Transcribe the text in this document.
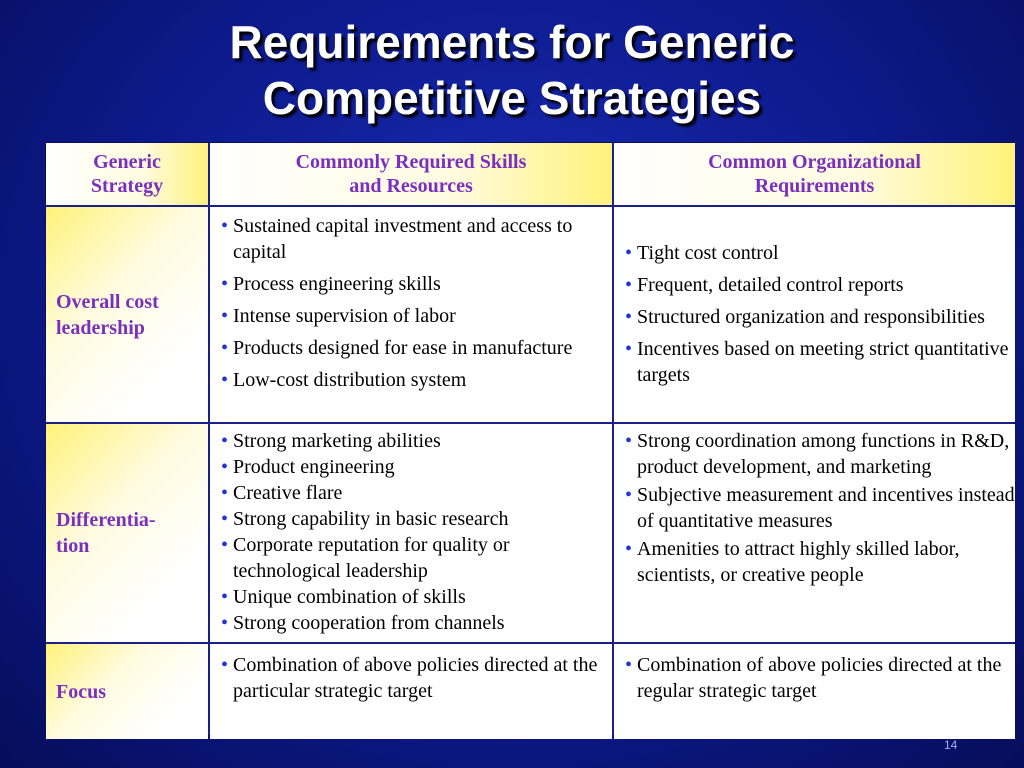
Requirements for Generic
Competitive Strategies
Generic
Strategy
Commonly Required Skills
and Resources
Common Organizational
Requirements
Overall cost
leadership
• Sustained capital investment and access to capital
• Process engineering skills
• Intense supervision of labor
• Products designed for ease in manufacture
• Low-cost distribution system
• Tight cost control
• Frequent, detailed control reports
• Structured organization and responsibilities
• Incentives based on meeting strict quantitative targets
Differentia-
tion
• Strong marketing abilities
• Product engineering
• Creative flare
• Strong capability in basic research
• Corporate reputation for quality or technological leadership
• Unique combination of skills
• Strong cooperation from channels
• Strong coordination among functions in R&D, product development, and marketing
• Subjective measurement and incentives instead of quantitative measures
• Amenities to attract highly skilled labor, scientists, or creative people
Focus
• Combination of above policies directed at the particular strategic target
• Combination of above policies directed at the regular strategic target
14
